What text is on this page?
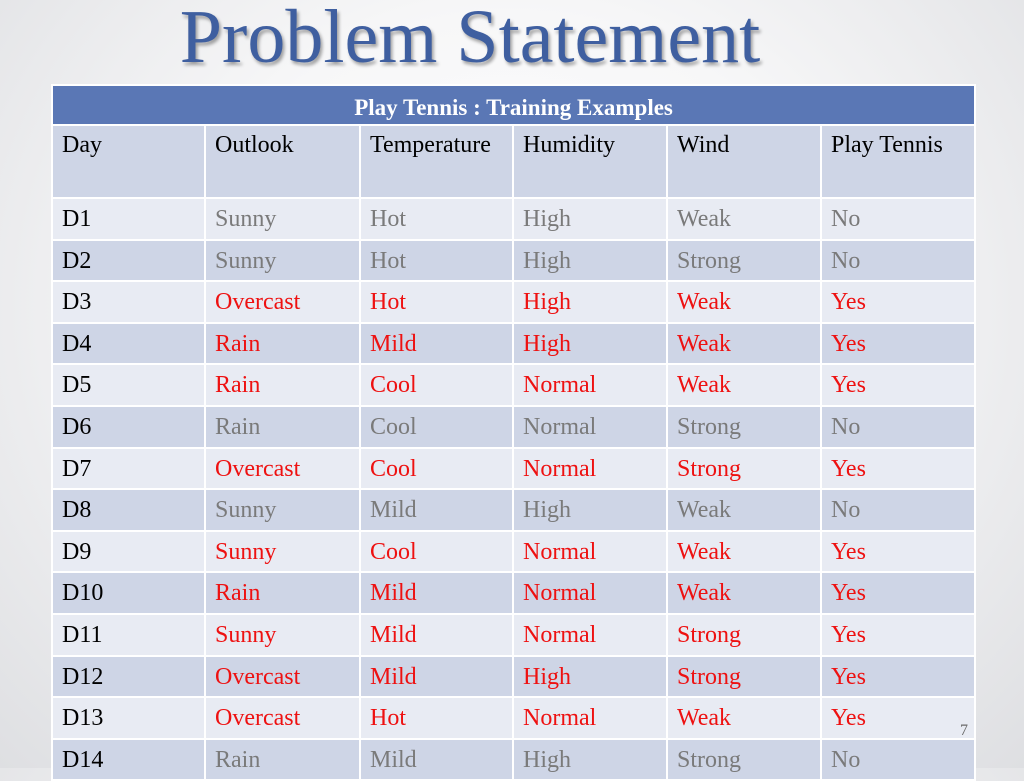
Problem Statement
Play Tennis : Training Examples					
Day	Outlook	Temperature	Humidity	Wind	Play Tennis
D1	Sunny	Hot	High	Weak	No
D2	Sunny	Hot	High	Strong	No
D3	Overcast	Hot	High	Weak	Yes
D4	Rain	Mild	High	Weak	Yes
D5	Rain	Cool	Normal	Weak	Yes
D6	Rain	Cool	Normal	Strong	No
D7	Overcast	Cool	Normal	Strong	Yes
D8	Sunny	Mild	High	Weak	No
D9	Sunny	Cool	Normal	Weak	Yes
D10	Rain	Mild	Normal	Weak	Yes
D11	Sunny	Mild	Normal	Strong	Yes
D12	Overcast	Mild	High	Strong	Yes
D13	Overcast	Hot	Normal	Weak	Yes
D14	Rain	Mild	High	Strong	No
7
